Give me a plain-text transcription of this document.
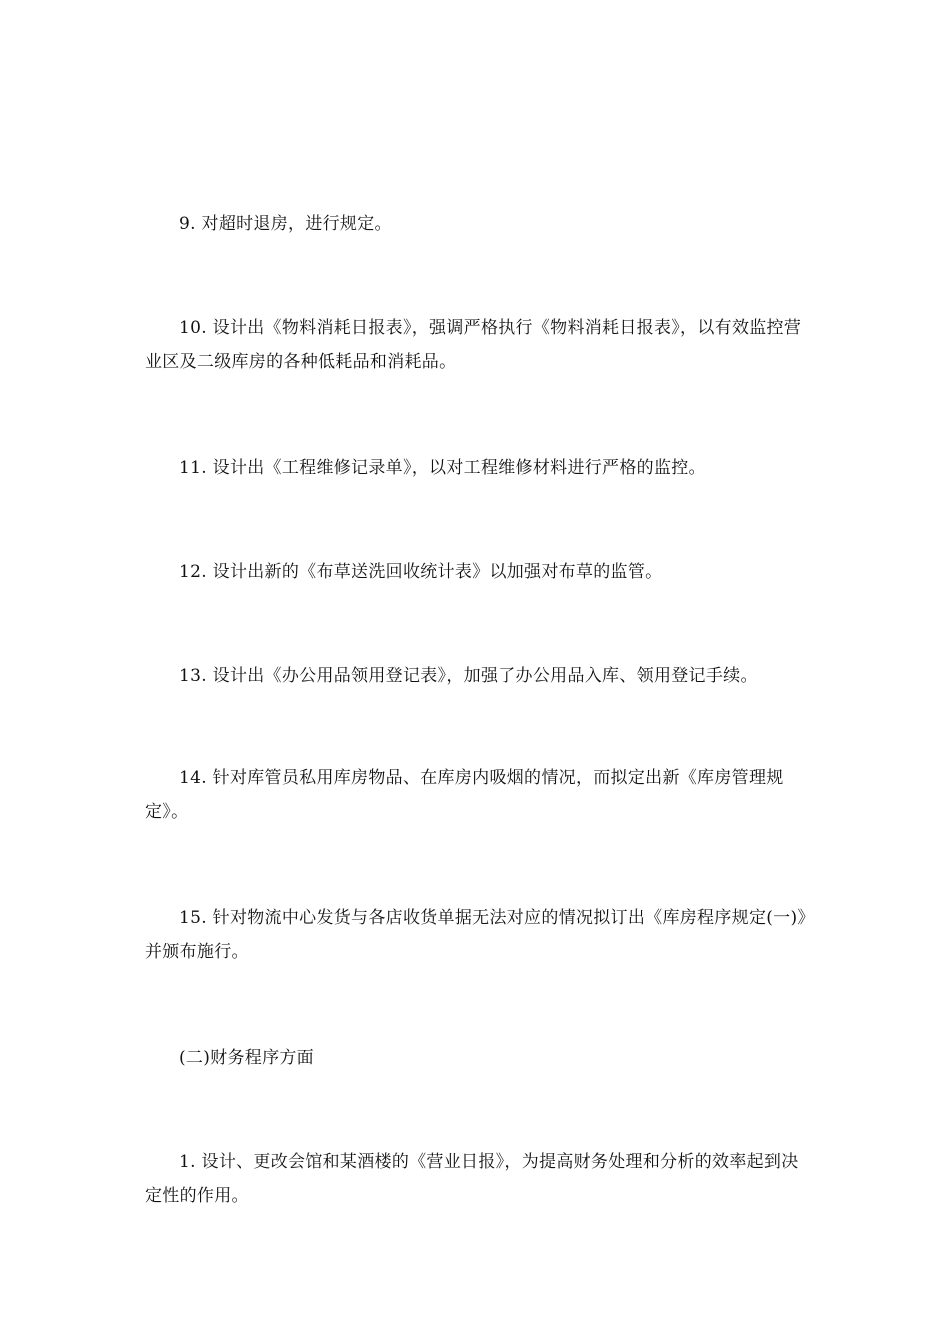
9. 对超时退房，进行规定。

10. 设计出《物料消耗日报表》，强调严格执行《物料消耗日报表》，以有效监控营业区及二级库房的各种低耗品和消耗品。

11. 设计出《工程维修记录单》，以对工程维修材料进行严格的监控。

12. 设计出新的《布草送洗回收统计表》以加强对布草的监管。

13. 设计出《办公用品领用登记表》，加强了办公用品入库、领用登记手续。

14. 针对库管员私用库房物品、在库房内吸烟的情况，而拟定出新《库房管理规定》。

15. 针对物流中心发货与各店收货单据无法对应的情况拟订出《库房程序规定(一)》并颁布施行。

(二)财务程序方面

1. 设计、更改会馆和某酒楼的《营业日报》，为提高财务处理和分析的效率起到决定性的作用。
